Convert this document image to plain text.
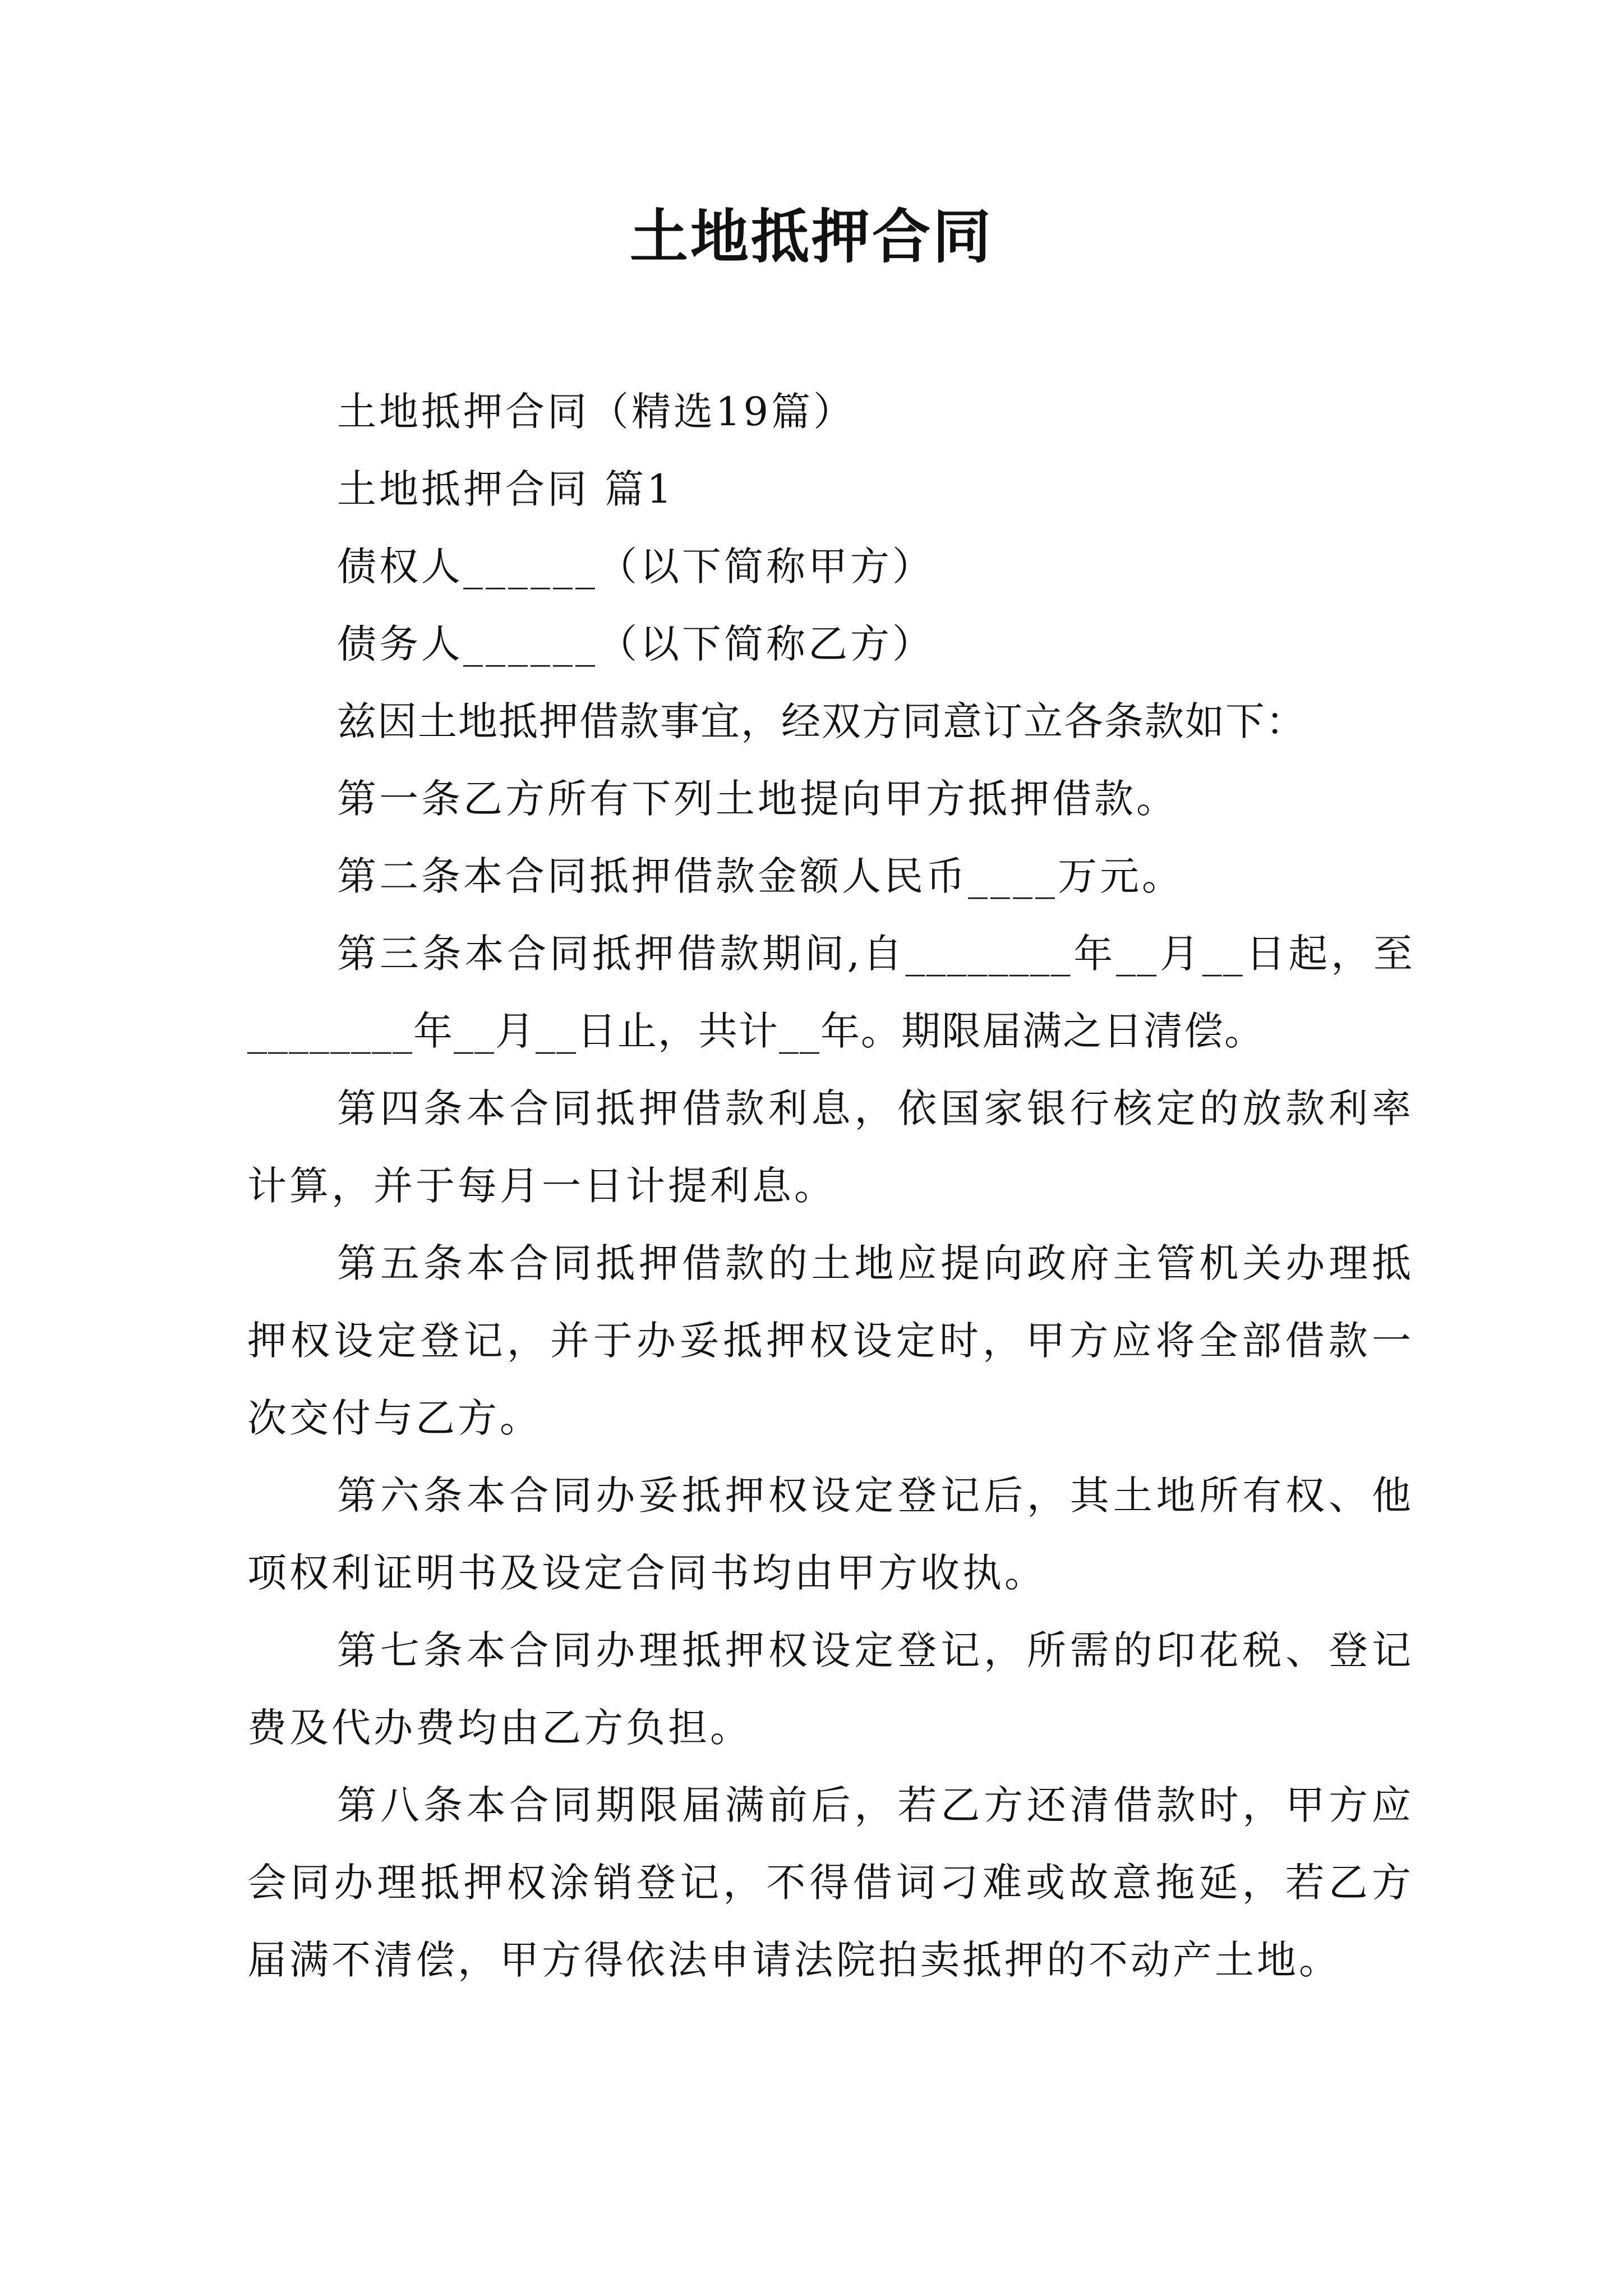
土地抵押合同

土地抵押合同（精选19篇）

土地抵押合同 篇1

债权人______（以下简称甲方）

债务人______（以下简称乙方）

兹因土地抵押借款事宜，经双方同意订立各条款如下：

第一条乙方所有下列土地提向甲方抵押借款。

第二条本合同抵押借款金额人民币____万元。

第三条本合同抵押借款期间,自________年__月__日起，至________年__月__日止，共计__年。期限届满之日清偿。

第四条本合同抵押借款利息，依国家银行核定的放款利率计算，并于每月一日计提利息。

第五条本合同抵押借款的土地应提向政府主管机关办理抵押权设定登记，并于办妥抵押权设定时，甲方应将全部借款一次交付与乙方。

第六条本合同办妥抵押权设定登记后，其土地所有权、他项权利证明书及设定合同书均由甲方收执。

第七条本合同办理抵押权设定登记，所需的印花税、登记费及代办费均由乙方负担。

第八条本合同期限届满前后，若乙方还清借款时，甲方应会同办理抵押权涂销登记，不得借词刁难或故意拖延，若乙方届满不清偿，甲方得依法申请法院拍卖抵押的不动产土地。
